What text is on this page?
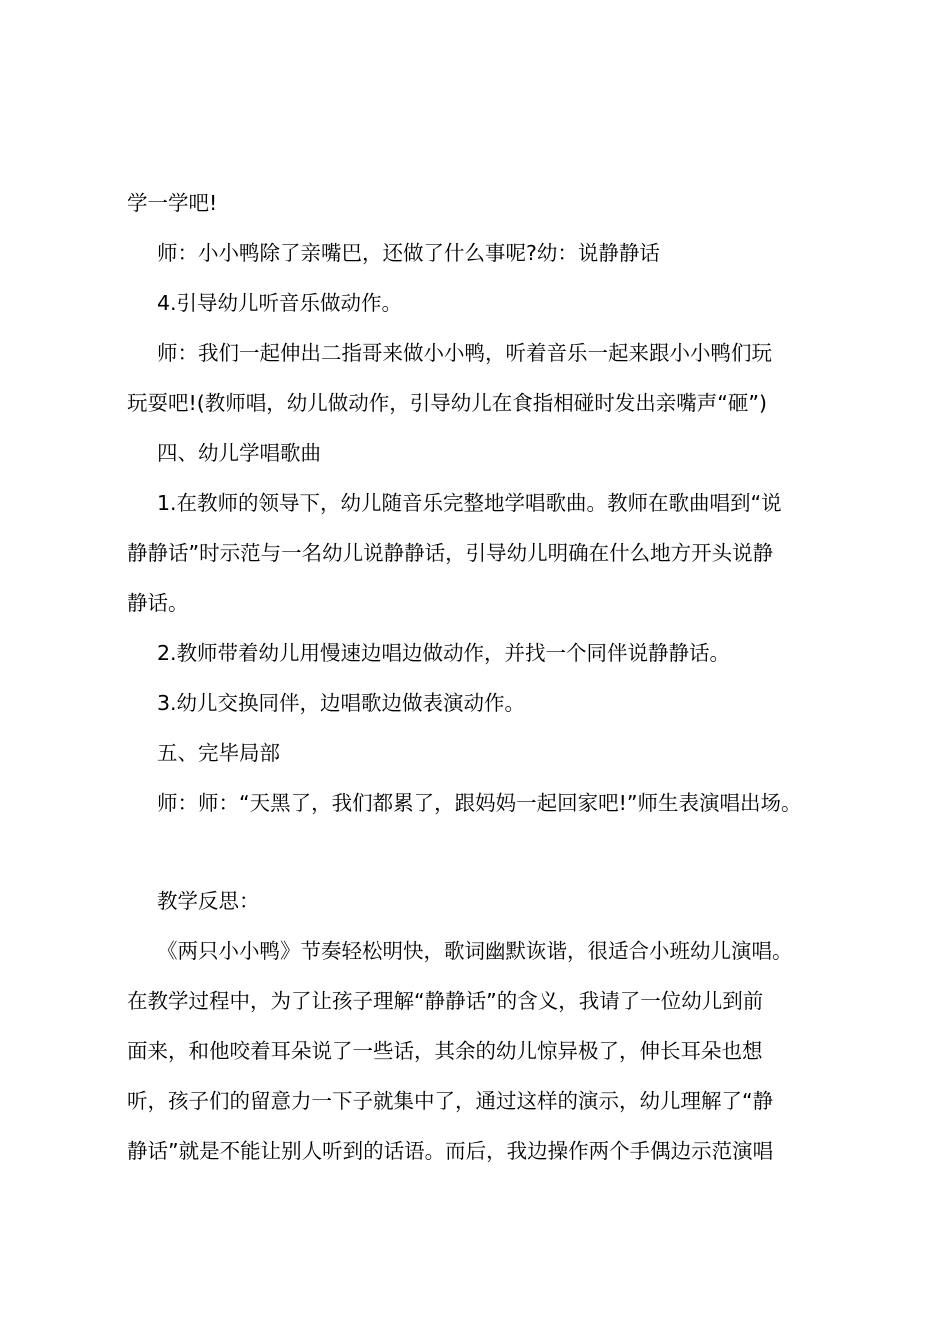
学一学吧!
师：小小鸭除了亲嘴巴，还做了什么事呢?幼：说静静话
4.引导幼儿听音乐做动作。
师：我们一起伸出二指哥来做小小鸭，听着音乐一起来跟小小鸭们玩
玩耍吧!(教师唱，幼儿做动作，引导幼儿在食指相碰时发出亲嘴声“砸”)
四、幼儿学唱歌曲
1.在教师的领导下，幼儿随音乐完整地学唱歌曲。教师在歌曲唱到“说
静静话”时示范与一名幼儿说静静话，引导幼儿明确在什么地方开头说静
静话。
2.教师带着幼儿用慢速边唱边做动作，并找一个同伴说静静话。
3.幼儿交换同伴，边唱歌边做表演动作。
五、完毕局部
师：师：“天黑了，我们都累了，跟妈妈一起回家吧!”师生表演唱出场。
教学反思：
《两只小小鸭》节奏轻松明快，歌词幽默诙谐，很适合小班幼儿演唱。
在教学过程中，为了让孩子理解“静静话”的含义，我请了一位幼儿到前
面来，和他咬着耳朵说了一些话，其余的幼儿惊异极了，伸长耳朵也想
听，孩子们的留意力一下子就集中了，通过这样的演示，幼儿理解了“静
静话”就是不能让别人听到的话语。而后，我边操作两个手偶边示范演唱
